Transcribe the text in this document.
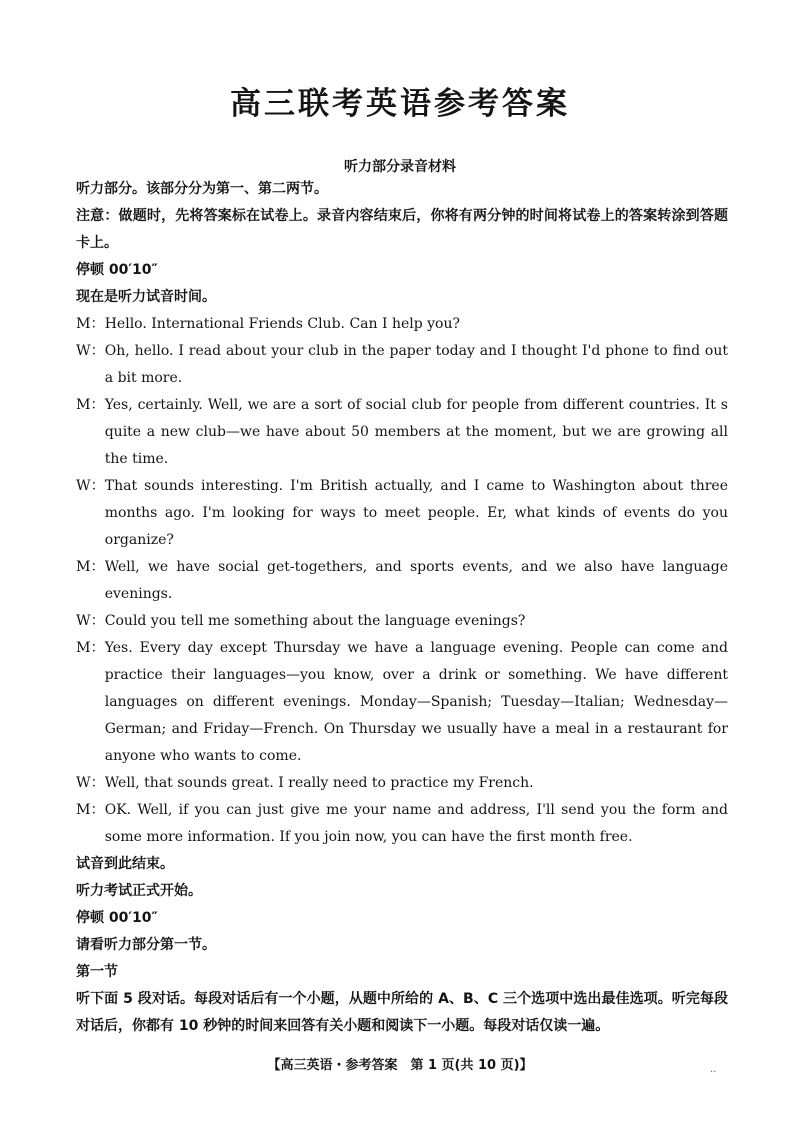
高三联考英语参考答案
听力部分录音材料

听力部分。该部分分为第一、第二两节。

注意：做题时，先将答案标在试卷上。录音内容结束后，你将有两分钟的时间将试卷上的答案转涂到答题卡上。

停顿 00′10″

现在是听力试音时间。

M： Hello. International Friends Club. Can I help you?
W： Oh, hello. I read about your club in the paper today and I thought I'd phone to find out a bit more.
M： Yes, certainly. Well, we are a sort of social club for people from different countries. It s quite a new club—we have about 50 members at the moment, but we are growing all the time.
W： That sounds interesting. I'm British actually, and I came to Washington about three months ago. I'm looking for ways to meet people. Er, what kinds of events do you organize?
M： Well, we have social get-togethers, and sports events, and we also have language evenings.
W： Could you tell me something about the language evenings?
M： Yes. Every day except Thursday we have a language evening. People can come and practice their languages—you know, over a drink or something. We have different languages on different evenings. Monday—Spanish; Tuesday—Italian; Wednesday—German; and Friday—French. On Thursday we usually have a meal in a restaurant for anyone who wants to come.
W： Well, that sounds great. I really need to practice my French.
M： OK. Well, if you can just give me your name and address, I'll send you the form and some more information. If you join now, you can have the first month free.

试音到此结束。

听力考试正式开始。

停顿 00′10″

请看听力部分第一节。

第一节

听下面 5 段对话。每段对话后有一个小题，从题中所给的 A、B、C 三个选项中选出最佳选项。听完每段对话后，你都有 10 秒钟的时间来回答有关小题和阅读下一小题。每段对话仅读一遍。

【高三英语・参考答案　第 1 页(共 10 页)】	..
